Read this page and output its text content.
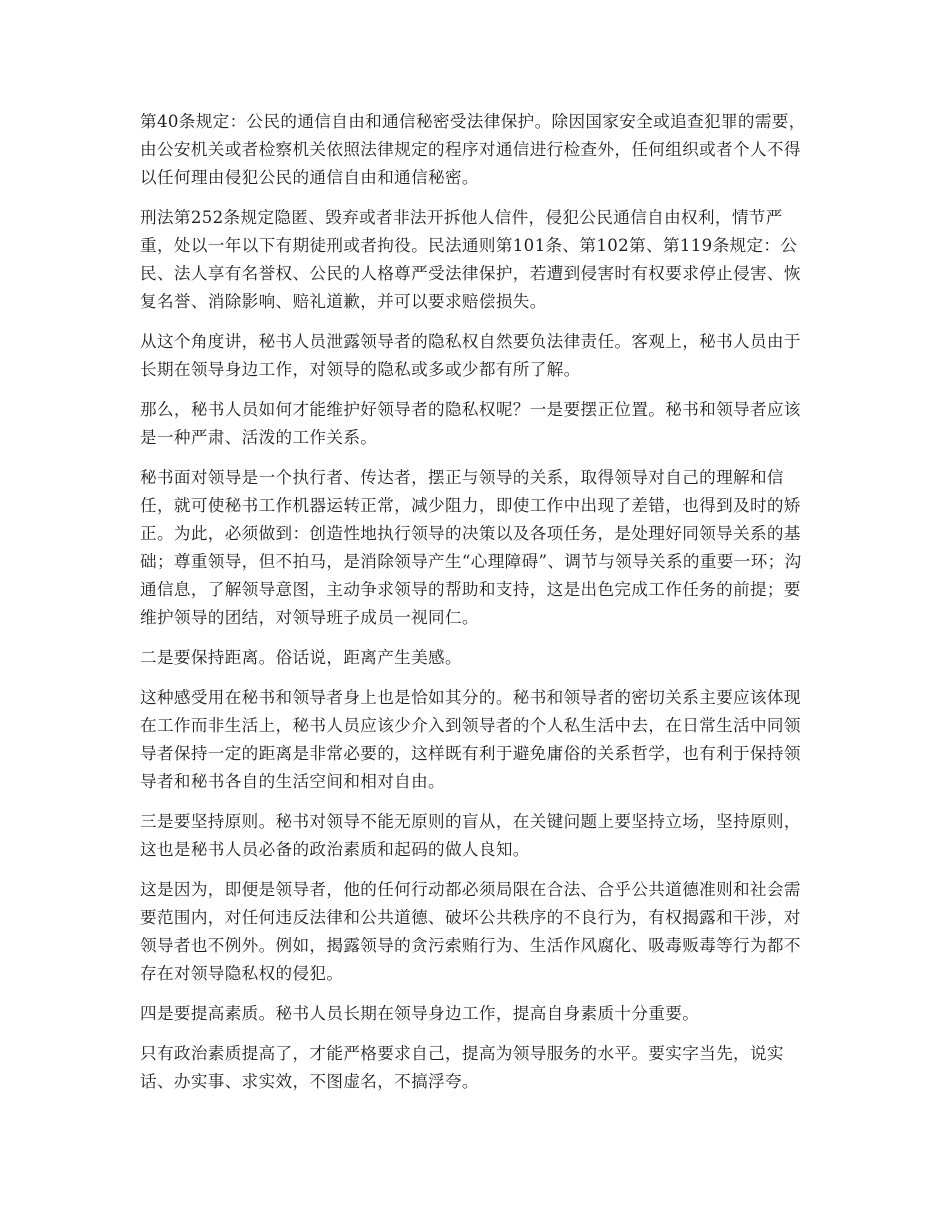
第40条规定：公民的通信自由和通信秘密受法律保护。除因国家安全或追查犯罪的需要，由公安机关或者检察机关依照法律规定的程序对通信进行检查外，任何组织或者个人不得以任何理由侵犯公民的通信自由和通信秘密。

刑法第252条规定隐匿、毁弃或者非法开拆他人信件，侵犯公民通信自由权利，情节严重，处以一年以下有期徒刑或者拘役。民法通则第101条、第102第、第119条规定：公民、法人享有名誉权、公民的人格尊严受法律保护，若遭到侵害时有权要求停止侵害、恢复名誉、消除影响、赔礼道歉，并可以要求赔偿损失。

从这个角度讲，秘书人员泄露领导者的隐私权自然要负法律责任。客观上，秘书人员由于长期在领导身边工作，对领导的隐私或多或少都有所了解。

那么，秘书人员如何才能维护好领导者的隐私权呢？一是要摆正位置。秘书和领导者应该是一种严肃、活泼的工作关系。

秘书面对领导是一个执行者、传达者，摆正与领导的关系，取得领导对自己的理解和信任，就可使秘书工作机器运转正常，减少阻力，即使工作中出现了差错，也得到及时的矫正。为此，必须做到：创造性地执行领导的决策以及各项任务，是处理好同领导关系的基础；尊重领导，但不拍马，是消除领导产生“心理障碍”、调节与领导关系的重要一环；沟通信息，了解领导意图，主动争求领导的帮助和支持，这是出色完成工作任务的前提；要维护领导的团结，对领导班子成员一视同仁。

二是要保持距离。俗话说，距离产生美感。

这种感受用在秘书和领导者身上也是恰如其分的。秘书和领导者的密切关系主要应该体现在工作而非生活上，秘书人员应该少介入到领导者的个人私生活中去，在日常生活中同领导者保持一定的距离是非常必要的，这样既有利于避免庸俗的关系哲学，也有利于保持领导者和秘书各自的生活空间和相对自由。

三是要坚持原则。秘书对领导不能无原则的盲从，在关键问题上要坚持立场，坚持原则，这也是秘书人员必备的政治素质和起码的做人良知。

这是因为，即便是领导者，他的任何行动都必须局限在合法、合乎公共道德准则和社会需要范围内，对任何违反法律和公共道德、破坏公共秩序的不良行为，有权揭露和干涉，对领导者也不例外。例如，揭露领导的贪污索贿行为、生活作风腐化、吸毒贩毒等行为都不存在对领导隐私权的侵犯。

四是要提高素质。秘书人员长期在领导身边工作，提高自身素质十分重要。

只有政治素质提高了，才能严格要求自己，提高为领导服务的水平。要实字当先，说实话、办实事、求实效，不图虚名，不搞浮夸。
